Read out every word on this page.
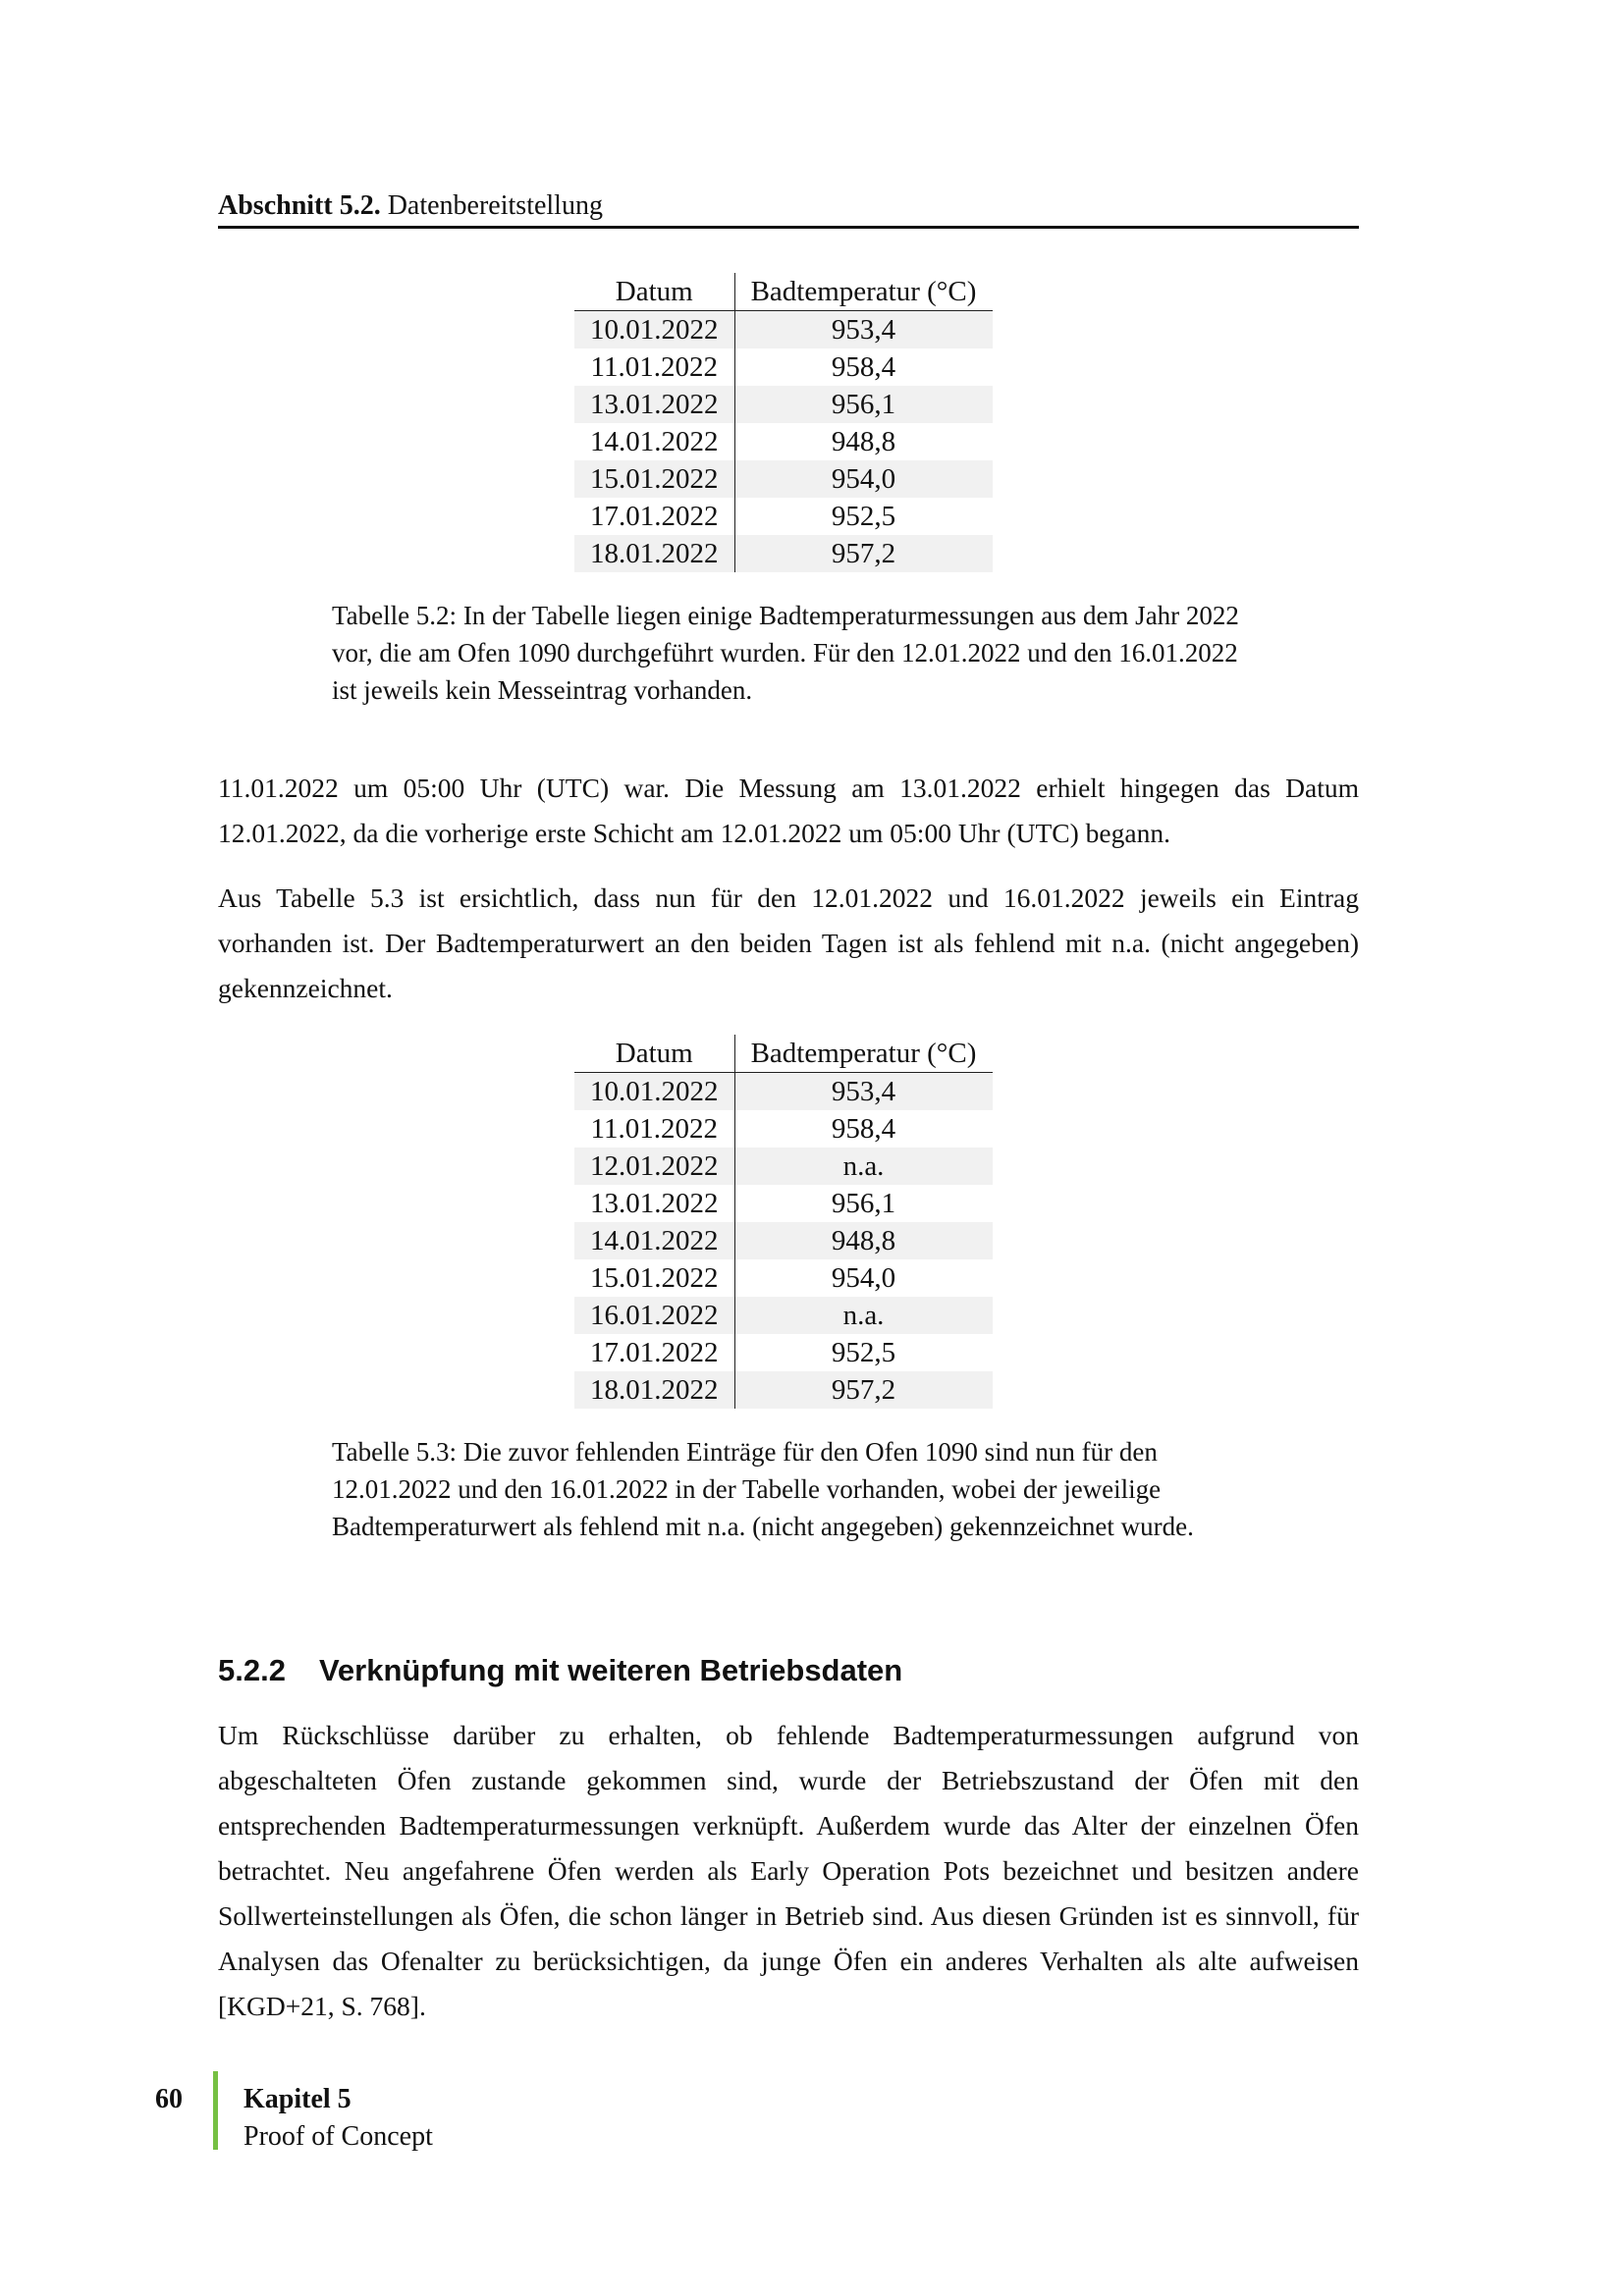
Abschnitt 5.2. Datenbereitstellung
Datum	Badtemperatur (°C)
10.01.2022	953,4
11.01.2022	958,4
13.01.2022	956,1
14.01.2022	948,8
15.01.2022	954,0
17.01.2022	952,5
18.01.2022	957,2
Tabelle 5.2: In der Tabelle liegen einige Badtemperaturmessungen aus dem Jahr 2022 vor, die am Ofen 1090 durchgeführt wurden. Für den 12.01.2022 und den 16.01.2022 ist jeweils kein Messeintrag vorhanden.

11.01.2022 um 05:00 Uhr (UTC) war. Die Messung am 13.01.2022 erhielt hingegen das Datum 12.01.2022, da die vorherige erste Schicht am 12.01.2022 um 05:00 Uhr (UTC) begann.

Aus Tabelle 5.3 ist ersichtlich, dass nun für den 12.01.2022 und 16.01.2022 jeweils ein Eintrag vorhanden ist. Der Badtemperaturwert an den beiden Tagen ist als fehlend mit n.a. (nicht angegeben) gekennzeichnet.

Datum	Badtemperatur (°C)
10.01.2022	953,4
11.01.2022	958,4
12.01.2022	n.a.
13.01.2022	956,1
14.01.2022	948,8
15.01.2022	954,0
16.01.2022	n.a.
17.01.2022	952,5
18.01.2022	957,2
Tabelle 5.3: Die zuvor fehlenden Einträge für den Ofen 1090 sind nun für den 12.01.2022 und den 16.01.2022 in der Tabelle vorhanden, wobei der jeweilige Badtemperaturwert als fehlend mit n.a. (nicht angegeben) gekennzeichnet wurde.
5.2.2 Verknüpfung mit weiteren Betriebsdaten

Um Rückschlüsse darüber zu erhalten, ob fehlende Badtemperaturmessungen aufgrund von abgeschalteten Öfen zustande gekommen sind, wurde der Betriebszustand der Öfen mit den entsprechenden Badtemperaturmessungen verknüpft. Außerdem wurde das Alter der einzelnen Öfen betrachtet. Neu angefahrene Öfen werden als Early Operation Pots bezeichnet und besitzen andere Sollwerteinstellungen als Öfen, die schon länger in Betrieb sind. Aus diesen Gründen ist es sinnvoll, für Analysen das Ofenalter zu berücksichtigen, da junge Öfen ein anderes Verhalten als alte aufweisen [KGD+21, S. 768].

60 Kapitel 5
Proof of Concept
